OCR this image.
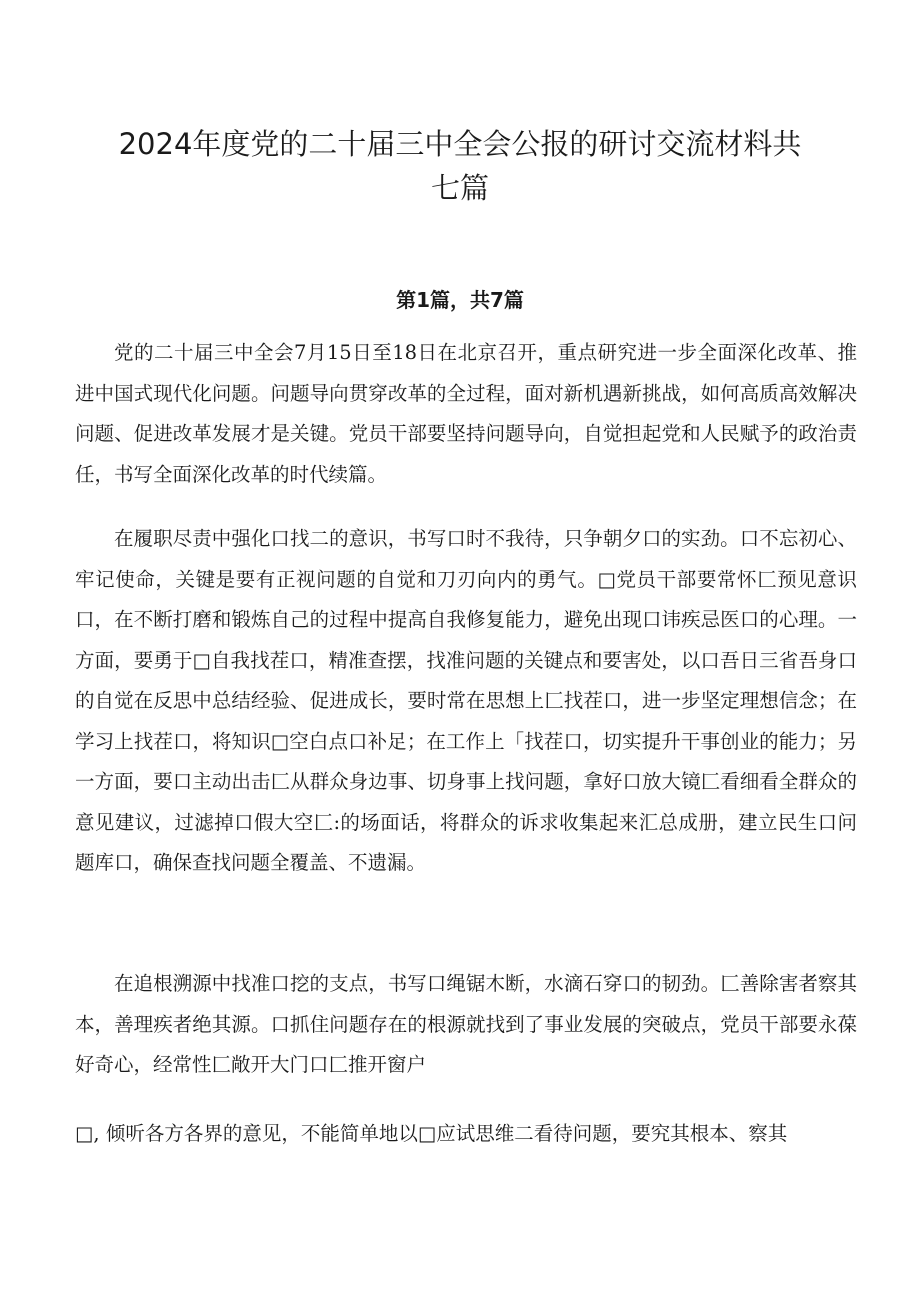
2024年度党的二十届三中全会公报的研讨交流材料共
七篇
第1篇，共7篇

党的二十届三中全会7月15日至18日在北京召开，重点研究进一步全面深化改革、推进中国式现代化问题。问题导向贯穿改革的全过程，面对新机遇新挑战，如何高质高效解决问题、促进改革发展才是关键。党员干部要坚持问题导向，自觉担起党和人民赋予的政治责任，书写全面深化改革的时代续篇。

在履职尽责中强化口找二的意识，书写口时不我待，只争朝夕口的实劲。口不忘初心、牢记使命，关键是要有正视问题的自觉和刀刃向内的勇气。□党员干部要常怀匚预见意识口，在不断打磨和锻炼自己的过程中提高自我修复能力，避免出现口讳疾忌医口的心理。一方面，要勇于□自我找茬口，精准查摆，找准问题的关键点和要害处，以口吾日三省吾身口的自觉在反思中总结经验、促进成长，要时常在思想上匚找茬口，进一步坚定理想信念；在学习上找茬口，将知识□空白点口补足；在工作上「找茬口，切实提升干事创业的能力；另一方面，要口主动出击匚从群众身边事、切身事上找问题，拿好口放大镜匚看细看全群众的意见建议，过滤掉口假大空匚:的场面话，将群众的诉求收集起来汇总成册，建立民生口问题库口，确保查找问题全覆盖、不遗漏。

在追根溯源中找准口挖的支点，书写口绳锯木断，水滴石穿口的韧劲。匚善除害者察其本，善理疾者绝其源。口抓住问题存在的根源就找到了事业发展的突破点，党员干部要永葆好奇心，经常性匚敞开大门口匚推开窗户

□, 倾听各方各界的意见，不能简单地以□应试思维二看待问题，要究其根本、察其
